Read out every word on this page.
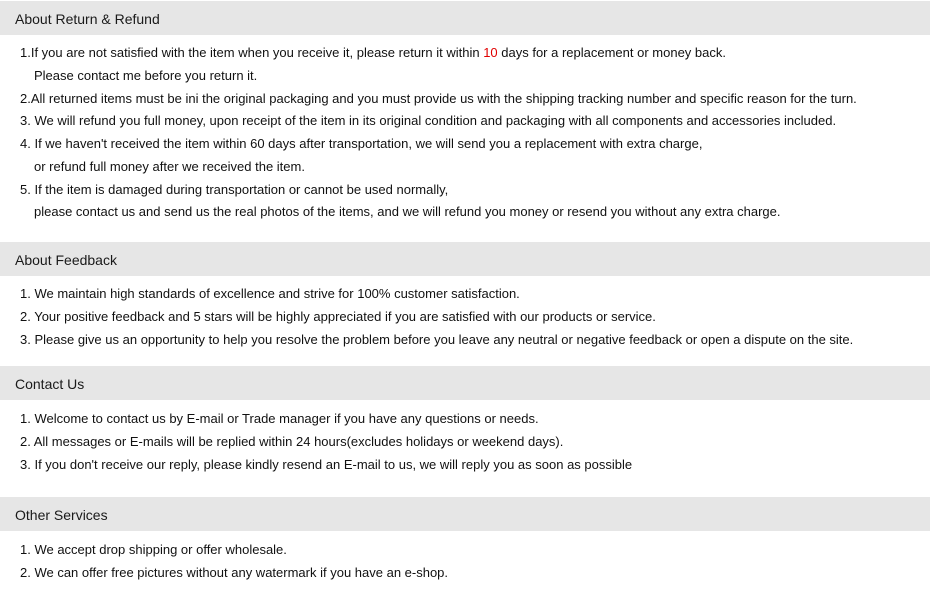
About Return & Refund
1.If you are not satisfied with the item when you receive it, please return it within 10 days for a replacement or money back.
Please contact me before you return it.
2.All returned items must be ini the original packaging and you must provide us with the shipping tracking number and specific reason for the turn.
3. We will refund you full money, upon receipt of the item in its original condition and packaging with all components and accessories included.
4. If we haven't received the item within 60 days after transportation, we will send you a replacement with extra charge,
or refund full money after we received the item.
5. If the item is damaged during transportation or cannot be used normally,
please contact us and send us the real photos of the items, and we will refund you money or resend you without any extra charge.
About Feedback
1. We maintain high standards of excellence and strive for 100% customer satisfaction.
2. Your positive feedback and 5 stars will be highly appreciated if you are satisfied with our products or service.
3. Please give us an opportunity to help you resolve the problem before you leave any neutral or negative feedback or open a dispute on the site.
Contact Us
1. Welcome to contact us by E-mail or Trade manager if you have any questions or needs.
2. All messages or E-mails will be replied within 24 hours(excludes holidays or weekend days).
3. If you don't receive our reply, please kindly resend an E-mail to us, we will reply you as soon as possible
Other Services
1. We accept drop shipping or offer wholesale.
2. We can offer free pictures without any watermark if you have an e-shop.
